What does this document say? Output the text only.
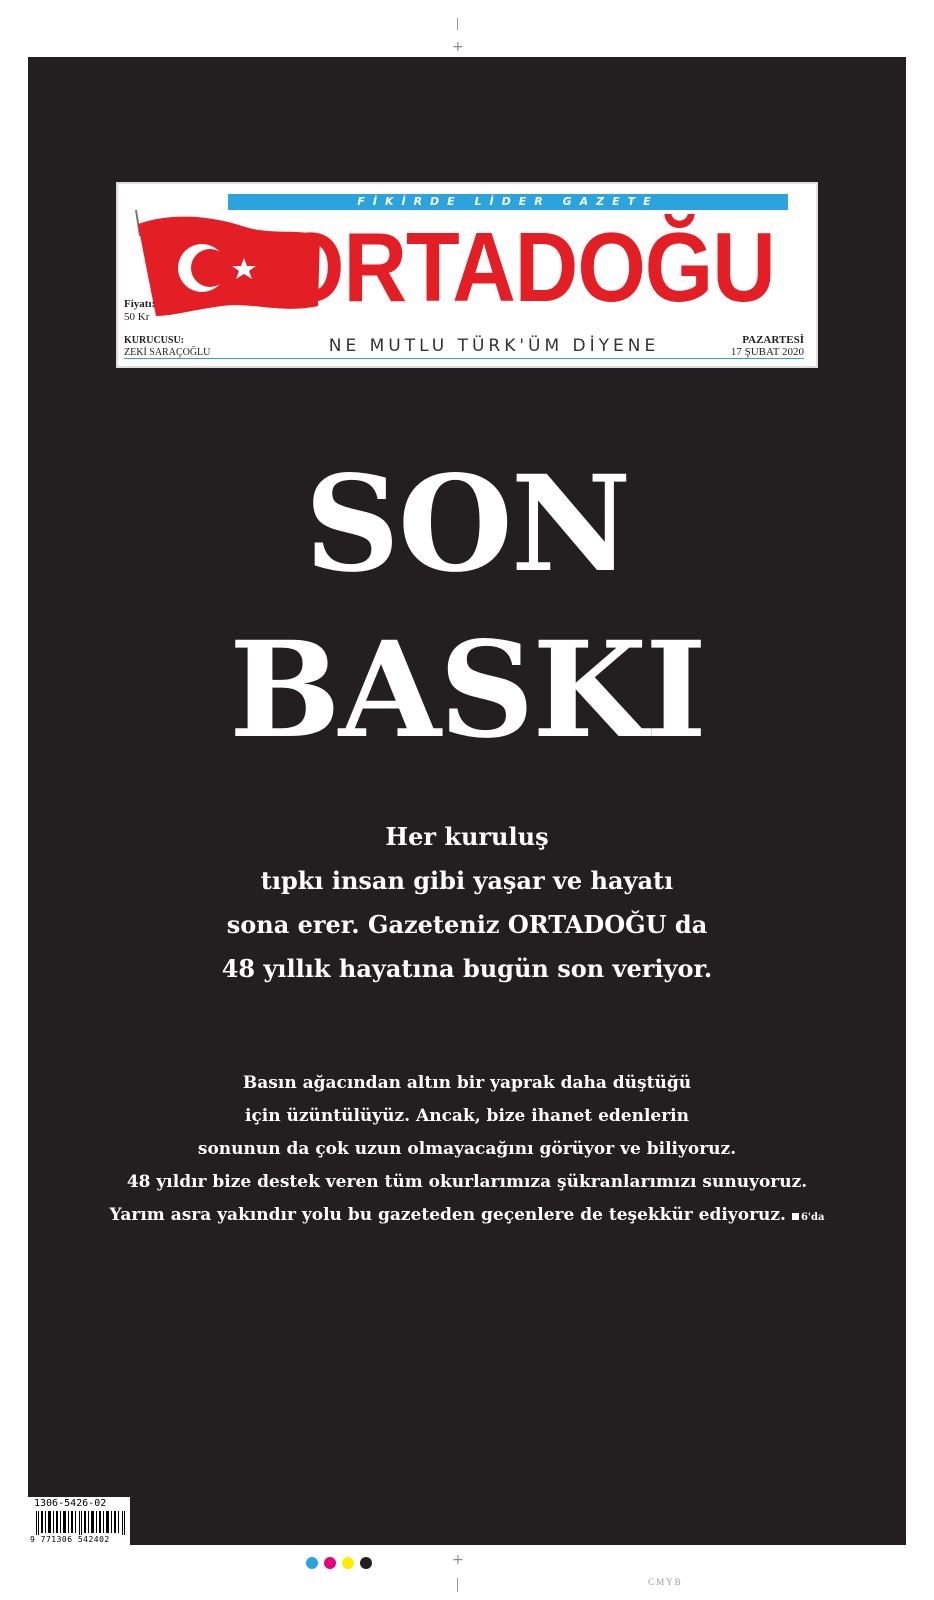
+
+
FİKİRDE LİDER GAZETE
ORTADOĞU
Fiyatı:
50 Kr
KURUCUSU:
ZEKİ SARAÇOĞLU	NE MUTLU TÜRK'ÜM DİYENE	PAZARTESİ
17 ŞUBAT 2020
SON
BASKI
Her kuruluş
tıpkı insan gibi yaşar ve hayatı
sona erer. Gazeteniz ORTADOĞU da
48 yıllık hayatına bugün son veriyor.
Basın ağacından altın bir yaprak daha düştüğü
için üzüntülüyüz. Ancak, bize ihanet edenlerin
sonunun da çok uzun olmayacağını görüyor ve biliyoruz.
48 yıldır bize destek veren tüm okurlarımıza şükranlarımızı sunuyoruz.
Yarım asra yakındır yolu bu gazeteden geçenlere de teşekkür ediyoruz. 6'da
1306-5426-02
9 771306 542402
C M Y B
